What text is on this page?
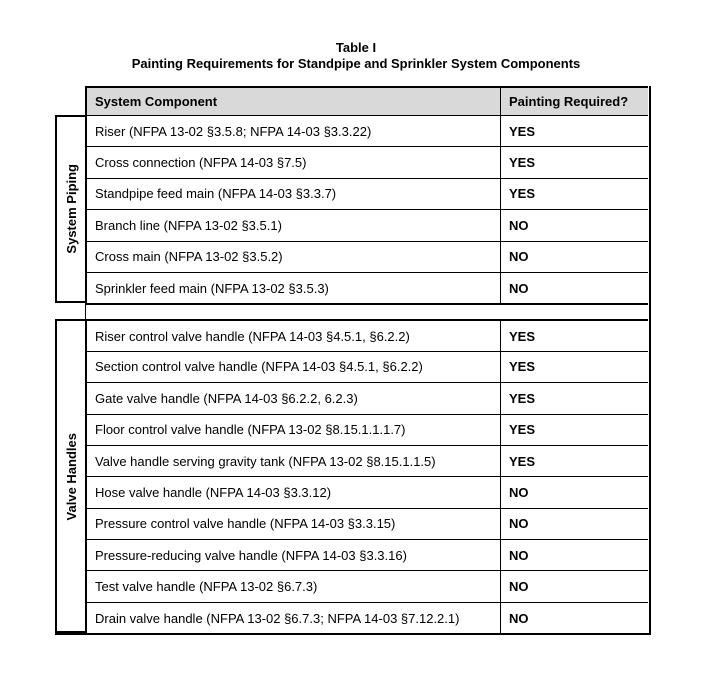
Table I
Painting Requirements for Standpipe and Sprinkler System Components
System Component	Painting Required?
System Piping
Riser (NFPA 13-02 §3.5.8; NFPA 14-03 §3.3.22)	YES
Cross connection (NFPA 14-03 §7.5)	YES
Standpipe feed main (NFPA 14-03 §3.3.7)	YES
Branch line (NFPA 13-02 §3.5.1)	NO
Cross main (NFPA 13-02 §3.5.2)	NO
Sprinkler feed main (NFPA 13-02 §3.5.3)	NO
Valve Handles
Riser control valve handle (NFPA 14-03 §4.5.1, §6.2.2)	YES
Section control valve handle (NFPA 14-03 §4.5.1, §6.2.2)	YES
Gate valve handle (NFPA 14-03 §6.2.2, 6.2.3)	YES
Floor control valve handle (NFPA 13-02 §8.15.1.1.1.7)	YES
Valve handle serving gravity tank (NFPA 13-02 §8.15.1.1.5)	YES
Hose valve handle (NFPA 14-03 §3.3.12)	NO
Pressure control valve handle (NFPA 14-03 §3.3.15)	NO
Pressure-reducing valve handle (NFPA 14-03 §3.3.16)	NO
Test valve handle (NFPA 13-02 §6.7.3)	NO
Drain valve handle (NFPA 13-02 §6.7.3; NFPA 14-03 §7.12.2.1)	NO
